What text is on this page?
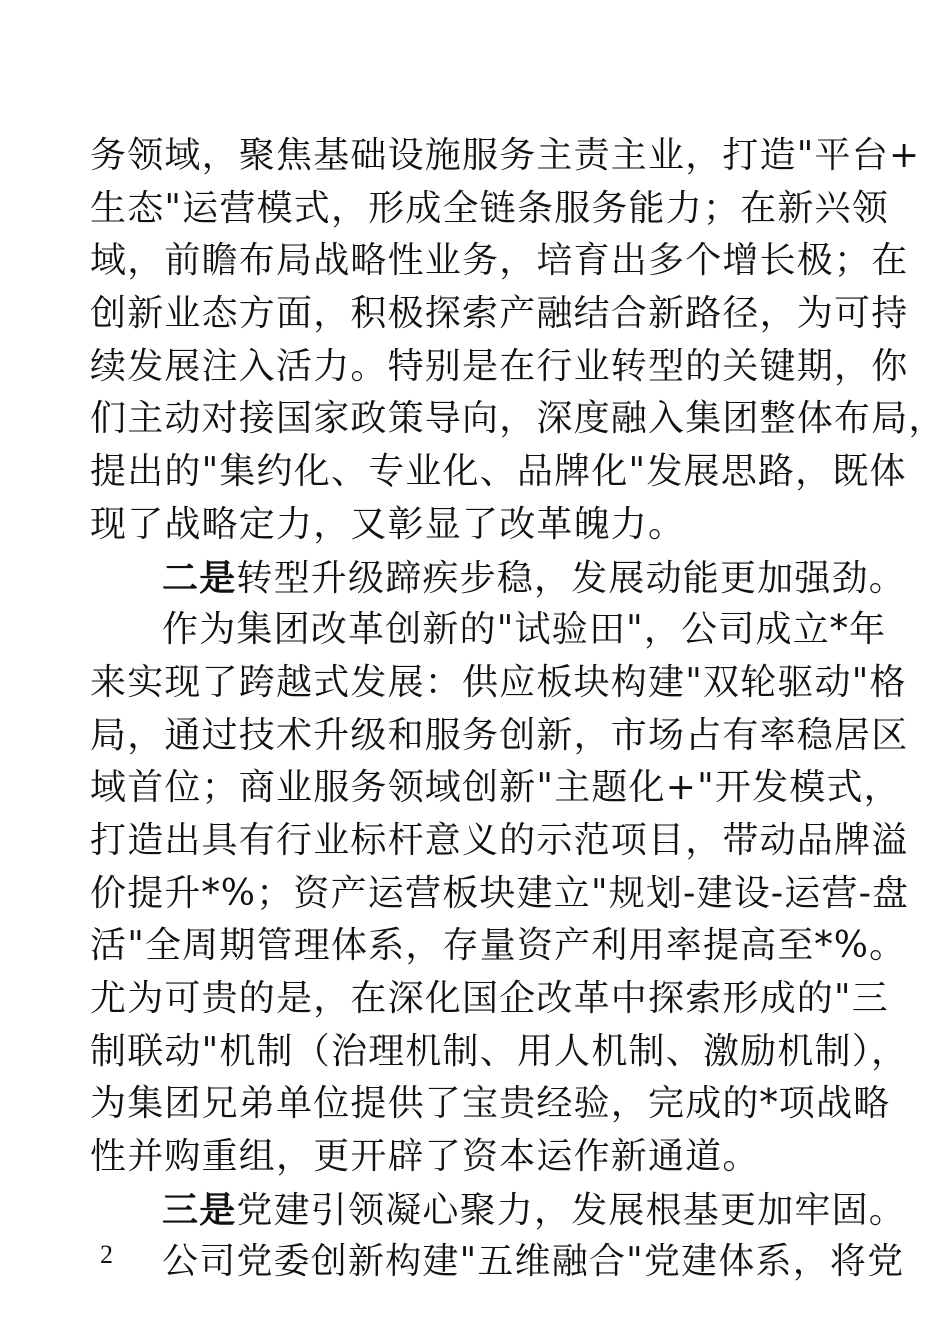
务领域，聚焦基础设施服务主责主业，打造"平台+
生态"运营模式，形成全链条服务能力；在新兴领
域，前瞻布局战略性业务，培育出多个增长极；在
创新业态方面，积极探索产融结合新路径，为可持
续发展注入活力。特别是在行业转型的关键期，你
们主动对接国家政策导向，深度融入集团整体布局，
提出的"集约化、专业化、品牌化"发展思路，既体
现了战略定力，又彰显了改革魄力。
二是转型升级蹄疾步稳，发展动能更加强劲。
作为集团改革创新的"试验田"，公司成立*年
来实现了跨越式发展：供应板块构建"双轮驱动"格
局，通过技术升级和服务创新，市场占有率稳居区
域首位；商业服务领域创新"主题化+"开发模式，
打造出具有行业标杆意义的示范项目，带动品牌溢
价提升*%；资产运营板块建立"规划-建设-运营-盘
活"全周期管理体系，存量资产利用率提高至*%。
尤为可贵的是，在深化国企改革中探索形成的"三
制联动"机制（治理机制、用人机制、激励机制），
为集团兄弟单位提供了宝贵经验，完成的*项战略
性并购重组，更开辟了资本运作新通道。
三是党建引领凝心聚力，发展根基更加牢固。
公司党委创新构建"五维融合"党建体系，将党
2
